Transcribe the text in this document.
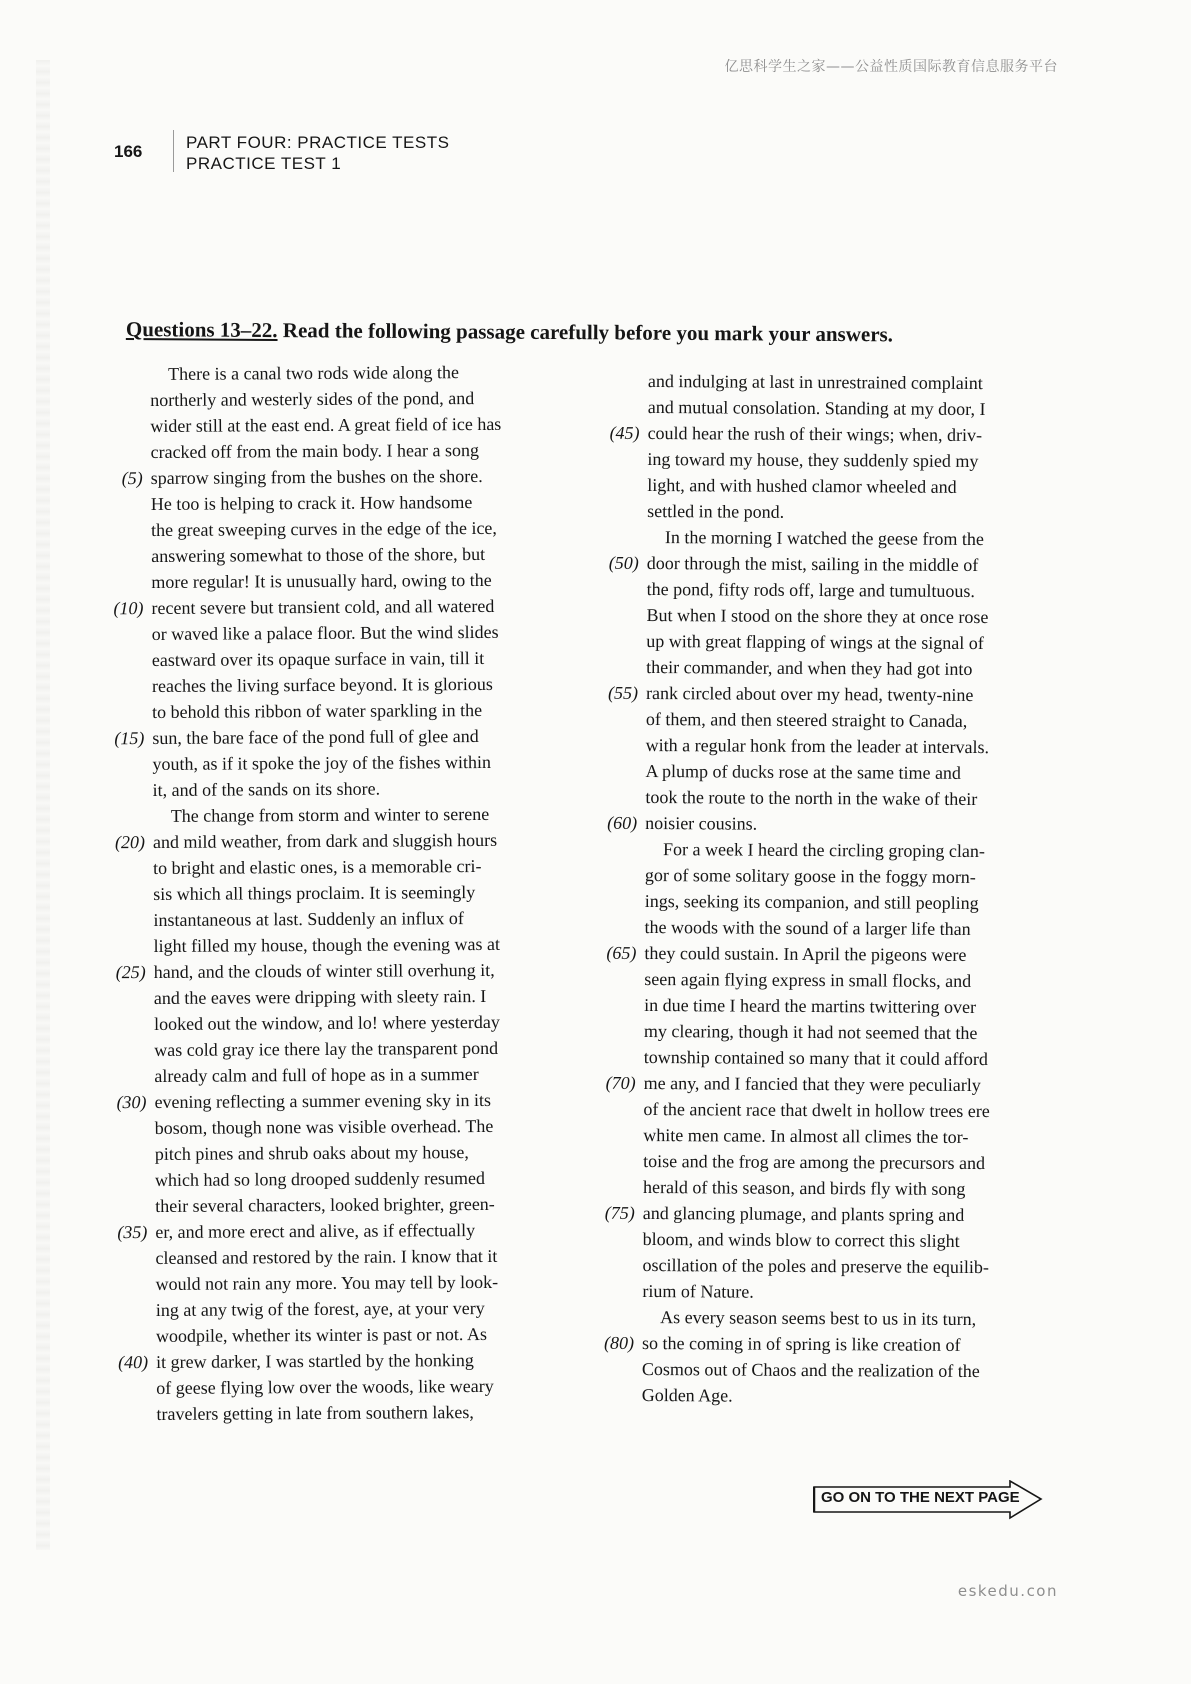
亿思科学生之家——公益性质国际教育信息服务平台
166	PART FOUR: PRACTICE TESTS
PRACTICE TEST 1
Questions 13–22. Read the following passage carefully before you mark your answers.
There is a canal two rods wide along the
northerly and westerly sides of the pond, and
wider still at the east end. A great field of ice has
cracked off from the main body. I hear a song
(5) sparrow singing from the bushes on the shore.
He too is helping to crack it. How handsome
the great sweeping curves in the edge of the ice,
answering somewhat to those of the shore, but
more regular! It is unusually hard, owing to the
(10) recent severe but transient cold, and all watered
or waved like a palace floor. But the wind slides
eastward over its opaque surface in vain, till it
reaches the living surface beyond. It is glorious
to behold this ribbon of water sparkling in the
(15) sun, the bare face of the pond full of glee and
youth, as if it spoke the joy of the fishes within
it, and of the sands on its shore.
The change from storm and winter to serene
(20) and mild weather, from dark and sluggish hours
to bright and elastic ones, is a memorable cri-
sis which all things proclaim. It is seemingly
instantaneous at last. Suddenly an influx of
light filled my house, though the evening was at
(25) hand, and the clouds of winter still overhung it,
and the eaves were dripping with sleety rain. I
looked out the window, and lo! where yesterday
was cold gray ice there lay the transparent pond
already calm and full of hope as in a summer
(30) evening reflecting a summer evening sky in its
bosom, though none was visible overhead. The
pitch pines and shrub oaks about my house,
which had so long drooped suddenly resumed
their several characters, looked brighter, green-
(35) er, and more erect and alive, as if effectually
cleansed and restored by the rain. I know that it
would not rain any more. You may tell by look-
ing at any twig of the forest, aye, at your very
woodpile, whether its winter is past or not. As
(40) it grew darker, I was startled by the honking
of geese flying low over the woods, like weary
travelers getting in late from southern lakes,
and indulging at last in unrestrained complaint
and mutual consolation. Standing at my door, I
(45) could hear the rush of their wings; when, driv-
ing toward my house, they suddenly spied my
light, and with hushed clamor wheeled and
settled in the pond.
In the morning I watched the geese from the
(50) door through the mist, sailing in the middle of
the pond, fifty rods off, large and tumultuous.
But when I stood on the shore they at once rose
up with great flapping of wings at the signal of
their commander, and when they had got into
(55) rank circled about over my head, twenty-nine
of them, and then steered straight to Canada,
with a regular honk from the leader at intervals.
A plump of ducks rose at the same time and
took the route to the north in the wake of their
(60) noisier cousins.
For a week I heard the circling groping clan-
gor of some solitary goose in the foggy morn-
ings, seeking its companion, and still peopling
the woods with the sound of a larger life than
(65) they could sustain. In April the pigeons were
seen again flying express in small flocks, and
in due time I heard the martins twittering over
my clearing, though it had not seemed that the
township contained so many that it could afford
(70) me any, and I fancied that they were peculiarly
of the ancient race that dwelt in hollow trees ere
white men came. In almost all climes the tor-
toise and the frog are among the precursors and
herald of this season, and birds fly with song
(75) and glancing plumage, and plants spring and
bloom, and winds blow to correct this slight
oscillation of the poles and preserve the equilib-
rium of Nature.
As every season seems best to us in its turn,
(80) so the coming in of spring is like creation of
Cosmos out of Chaos and the realization of the
Golden Age.
GO ON TO THE NEXT PAGE
eskedu.con
